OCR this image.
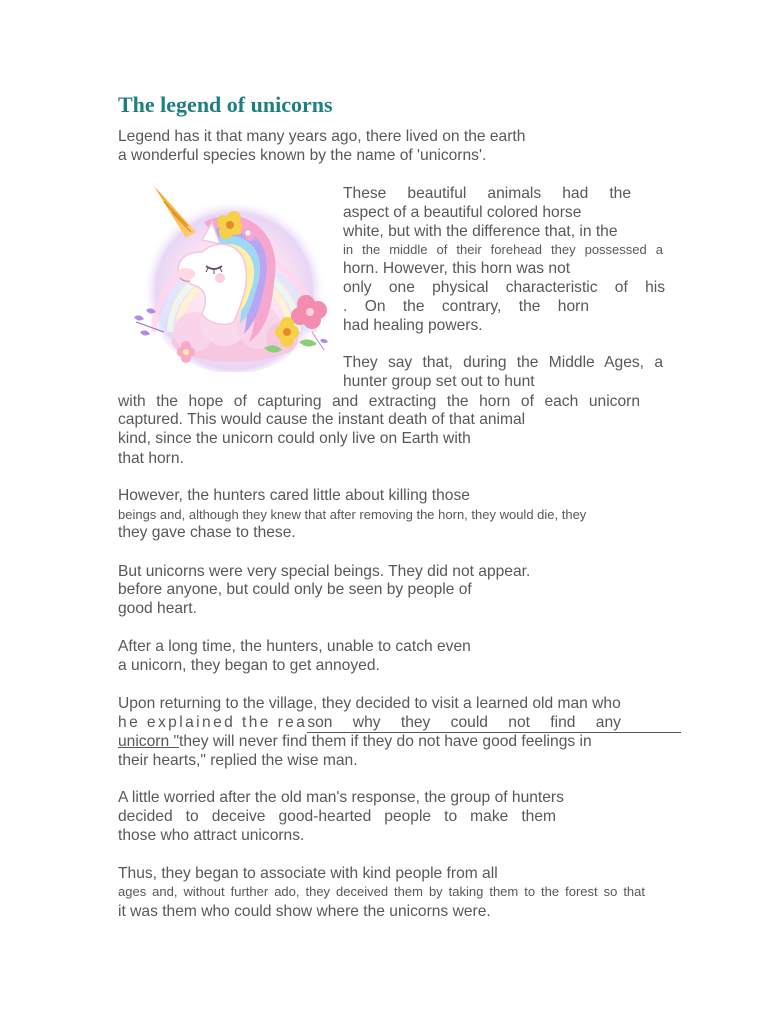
The legend of unicorns
Legend has it that many years ago, there lived on the earth
a wonderful species known by the name of 'unicorns'.
These beautiful animals had the
aspect of a beautiful colored horse
white, but with the difference that, in the
in the middle of their forehead they possessed a
horn. However, this horn was not
only one physical characteristic of his
. On the contrary, the horn
had healing powers.
They say that, during the Middle Ages, a
hunter group set out to hunt
with the hope of capturing and extracting the horn of each unicorn
captured. This would cause the instant death of that animal
kind, since the unicorn could only live on Earth with
that horn.
However, the hunters cared little about killing those
beings and, although they knew that after removing the horn, they would die, they
they gave chase to these.
But unicorns were very special beings. They did not appear.
before anyone, but could only be seen by people of
good heart.
After a long time, the hunters, unable to catch even
a unicorn, they began to get annoyed.
Upon returning to the village, they decided to visit a learned old man who
he explained the rea son why they could not find any
unicorn "they will never find them if they do not have good feelings in
their hearts," replied the wise man.
A little worried after the old man's response, the group of hunters
decided to deceive good-hearted people to make them
those who attract unicorns.
Thus, they began to associate with kind people from all
ages and, without further ado, they deceived them by taking them to the forest so that
it was them who could show where the unicorns were.
